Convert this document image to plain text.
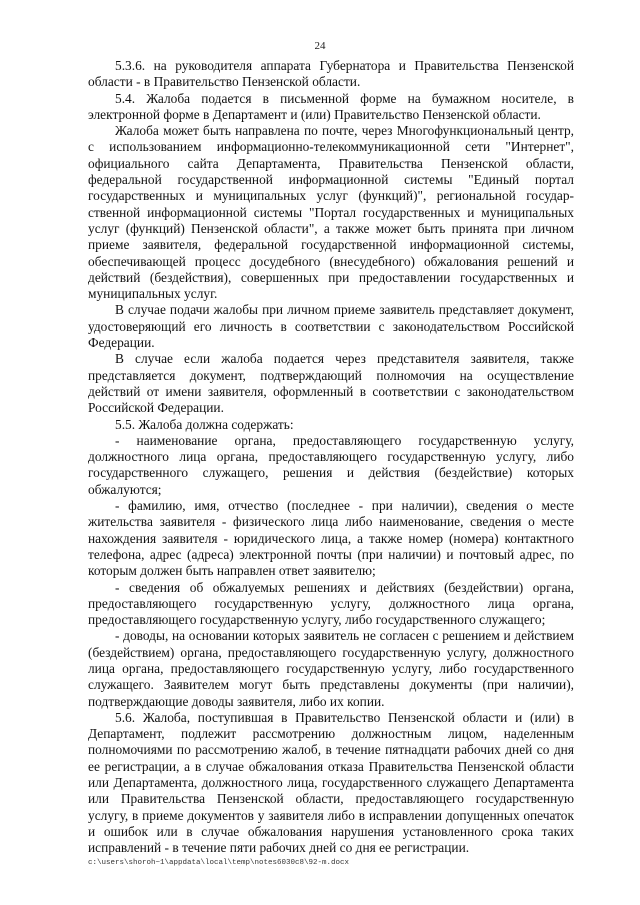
24

5.3.6. на руководителя аппарата Губернатора и Правительства Пензенской области - в Правительство Пензенской области.

5.4. Жалоба подается в письменной форме на бумажном носителе, в электронной форме в Департамент и (или) Правительство Пензенской области.

Жалоба может быть направлена по почте, через Многофункциональный центр, с использованием информационно-телекоммуникационной сети "Интернет", официального сайта Департамента, Правительства Пензенской области, федеральной государственной информационной системы "Единый портал государственных и муниципальных услуг (функций)", региональной государственной информационной системы "Портал государственных и муниципальных услуг (функций) Пензенской области", а также может быть принята при личном приеме заявителя, федеральной государственной информационной системы, обеспечивающей процесс досудебного (внесудебного) обжалования решений и действий (бездействия), совершенных при предоставлении государственных и муниципальных услуг.

В случае подачи жалобы при личном приеме заявитель представляет документ, удостоверяющий его личность в соответствии с законодательством Российской Федерации.

В случае если жалоба подается через представителя заявителя, также представляется документ, подтверждающий полномочия на осуществление действий от имени заявителя, оформленный в соответствии с законодательством Российской Федерации.

5.5. Жалоба должна содержать:

- наименование органа, предоставляющего государственную услугу, должностного лица органа, предоставляющего государственную услугу, либо государственного служащего, решения и действия (бездействие) которых обжалуются;

- фамилию, имя, отчество (последнее - при наличии), сведения о месте жительства заявителя - физического лица либо наименование, сведения о месте нахождения заявителя - юридического лица, а также номер (номера) контактного телефона, адрес (адреса) электронной почты (при наличии) и почтовый адрес, по которым должен быть направлен ответ заявителю;

- сведения об обжалуемых решениях и действиях (бездействии) органа, предоставляющего государственную услугу, должностного лица органа, предоставляющего государственную услугу, либо государственного служащего;

- доводы, на основании которых заявитель не согласен с решением и действием (бездействием) органа, предоставляющего государственную услугу, должностного лица органа, предоставляющего государственную услугу, либо государственного служащего. Заявителем могут быть представлены документы (при наличии), подтверждающие доводы заявителя, либо их копии.

5.6. Жалоба, поступившая в Правительство Пензенской области и (или) в Департамент, подлежит рассмотрению должностным лицом, наделенным полномочиями по рассмотрению жалоб, в течение пятнадцати рабочих дней со дня ее регистрации, а в случае обжалования отказа Правительства Пензенской области или Департамента, должностного лица, государственного служащего Департамента или Правительства Пензенской области, предоставляющего государственную услугу, в приеме документов у заявителя либо в исправлении допущенных опечаток и ошибок или в случае обжалования нарушения установленного срока таких исправлений - в течение пяти рабочих дней со дня ее регистрации.

c:\users\shoroh~1\appdata\local\temp\notes6030c8\92-m.docx
